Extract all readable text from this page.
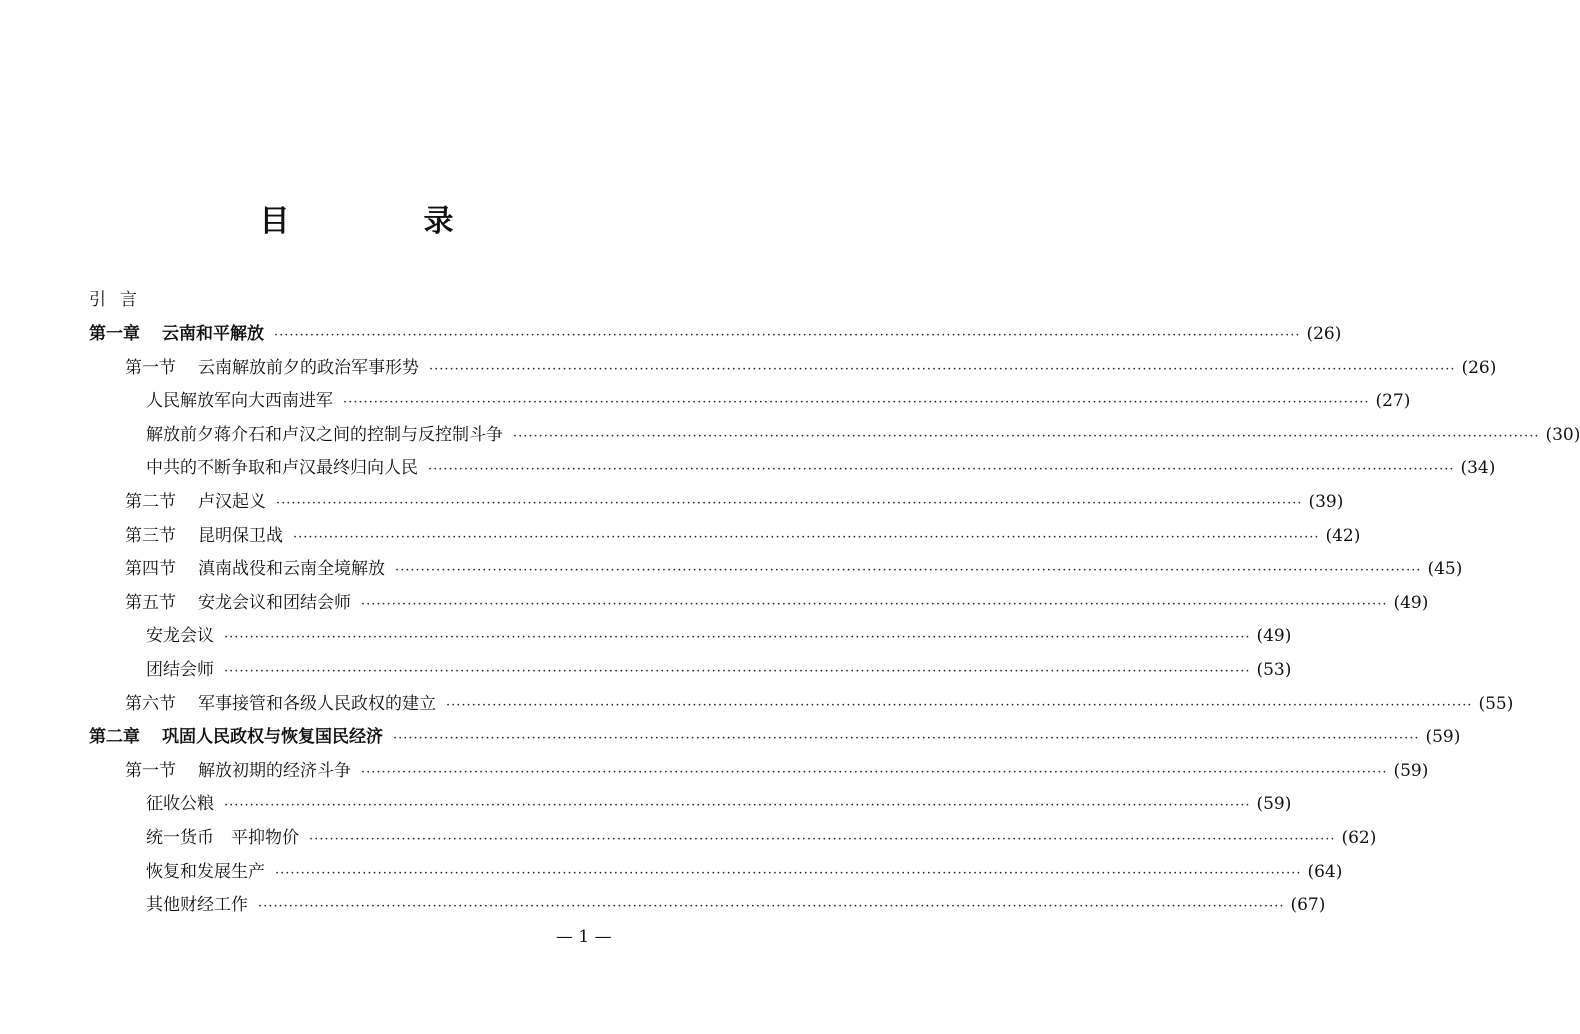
目　录
引言
第一章 云南和平解放 ········································································································································································································ (26)
第一节 云南解放前夕的政治军事形势 ········································································································································································································ (26)
人民解放军向大西南进军 ········································································································································································································ (27)
解放前夕蒋介石和卢汉之间的控制与反控制斗争 ········································································································································································································ (30)
中共的不断争取和卢汉最终归向人民 ········································································································································································································ (34)
第二节 卢汉起义 ········································································································································································································ (39)
第三节 昆明保卫战 ········································································································································································································ (42)
第四节 滇南战役和云南全境解放 ········································································································································································································ (45)
第五节 安龙会议和团结会师 ········································································································································································································ (49)
安龙会议 ········································································································································································································ (49)
团结会师 ········································································································································································································ (53)
第六节 军事接管和各级人民政权的建立 ········································································································································································································ (55)
第二章 巩固人民政权与恢复国民经济 ········································································································································································································ (59)
第一节 解放初期的经济斗争 ········································································································································································································ (59)
征收公粮 ········································································································································································································ (59)
统一货币　平抑物价 ········································································································································································································ (62)
恢复和发展生产 ········································································································································································································ (64)
其他财经工作 ········································································································································································································ (67)
— 1 —
